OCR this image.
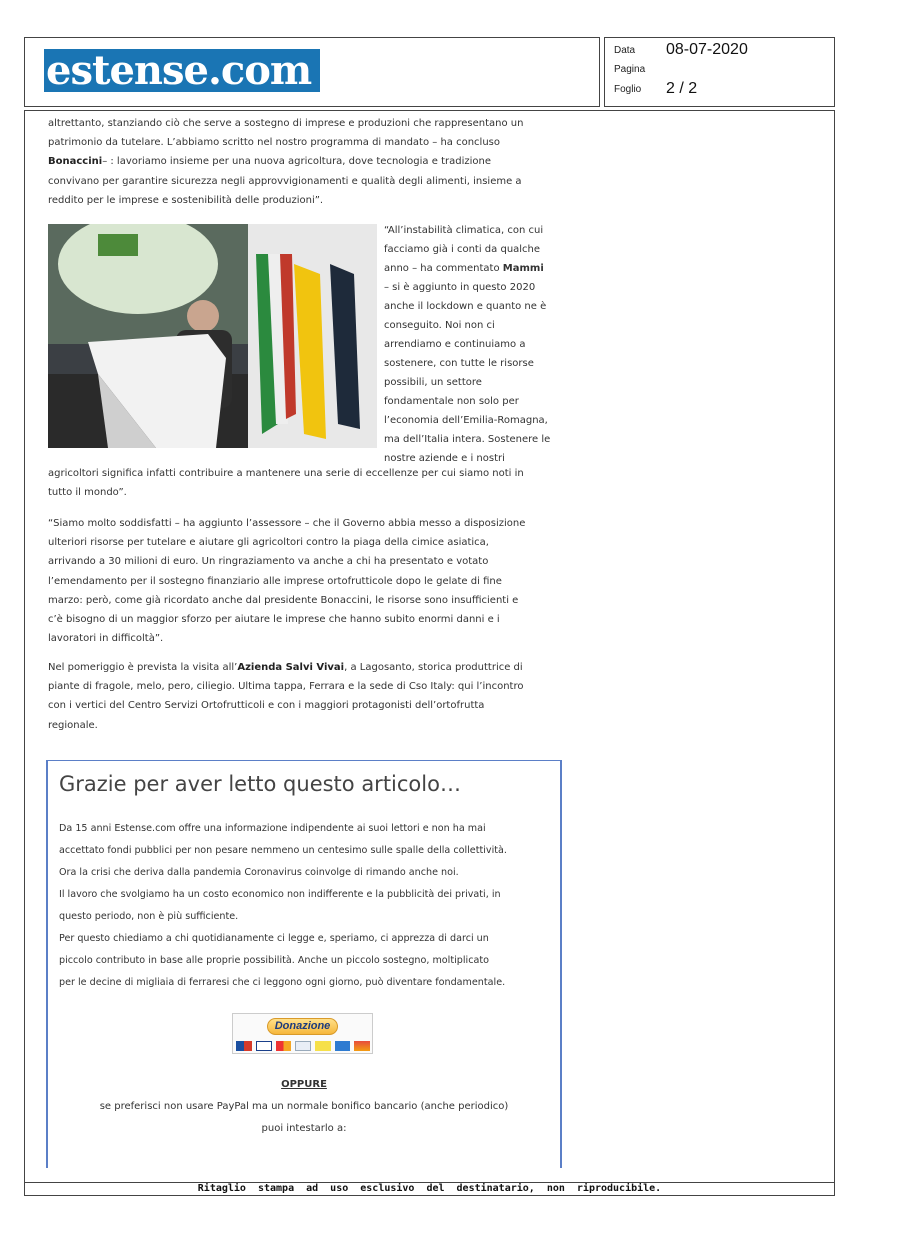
estense.com	Data 08-07-2020
Pagina
Foglio 2 / 2

altrettanto, stanziando ciò che serve a sostegno di imprese e produzioni che rappresentano un

patrimonio da tutelare. L’abbiamo scritto nel nostro programma di mandato – ha concluso

Bonaccini– : lavoriamo insieme per una nuova agricoltura, dove tecnologia e tradizione

convivano per garantire sicurezza negli approvvigionamenti e qualità degli alimenti, insieme a

reddito per le imprese e sostenibilità delle produzioni”.

“All’instabilità climatica, con cui
facciamo già i conti da qualche
anno – ha commentato Mammi
– si è aggiunto in questo 2020
anche il lockdown e quanto ne è
conseguito. Noi non ci
arrendiamo e continuiamo a
sostenere, con tutte le risorse
possibili, un settore
fondamentale non solo per
l’economia dell’Emilia-Romagna,
ma dell’Italia intera. Sostenere le
nostre aziende e i nostri

agricoltori significa infatti contribuire a mantenere una serie di eccellenze per cui siamo noti in

tutto il mondo”.

“Siamo molto soddisfatti – ha aggiunto l’assessore – che il Governo abbia messo a disposizione

ulteriori risorse per tutelare e aiutare gli agricoltori contro la piaga della cimice asiatica,

arrivando a 30 milioni di euro. Un ringraziamento va anche a chi ha presentato e votato

l’emendamento per il sostegno finanziario alle imprese ortofrutticole dopo le gelate di fine

marzo: però, come già ricordato anche dal presidente Bonaccini, le risorse sono insufficienti e

c’è bisogno di un maggior sforzo per aiutare le imprese che hanno subito enormi danni e i

lavoratori in difficoltà”.

Nel pomeriggio è prevista la visita all’Azienda Salvi Vivai, a Lagosanto, storica produttrice di

piante di fragole, melo, pero, ciliegio. Ultima tappa, Ferrara e la sede di Cso Italy: qui l’incontro

con i vertici del Centro Servizi Ortofrutticoli e con i maggiori protagonisti dell’ortofrutta

regionale.

Grazie per aver letto questo articolo…

Da 15 anni Estense.com offre una informazione indipendente ai suoi lettori e non ha mai

accettato fondi pubblici per non pesare nemmeno un centesimo sulle spalle della collettività.

Ora la crisi che deriva dalla pandemia Coronavirus coinvolge di rimando anche noi.

Il lavoro che svolgiamo ha un costo economico non indifferente e la pubblicità dei privati, in

questo periodo, non è più sufficiente.

Per questo chiediamo a chi quotidianamente ci legge e, speriamo, ci apprezza di darci un

piccolo contributo in base alle proprie possibilità. Anche un piccolo sostegno, moltiplicato

per le decine di migliaia di ferraresi che ci leggono ogni giorno, può diventare fondamentale.

Donazione
OPPURE
se preferisci non usare PayPal ma un normale bonifico bancario (anche periodico)
puoi intestarlo a:
Ritaglio stampa ad uso esclusivo del destinatario, non riproducibile.
